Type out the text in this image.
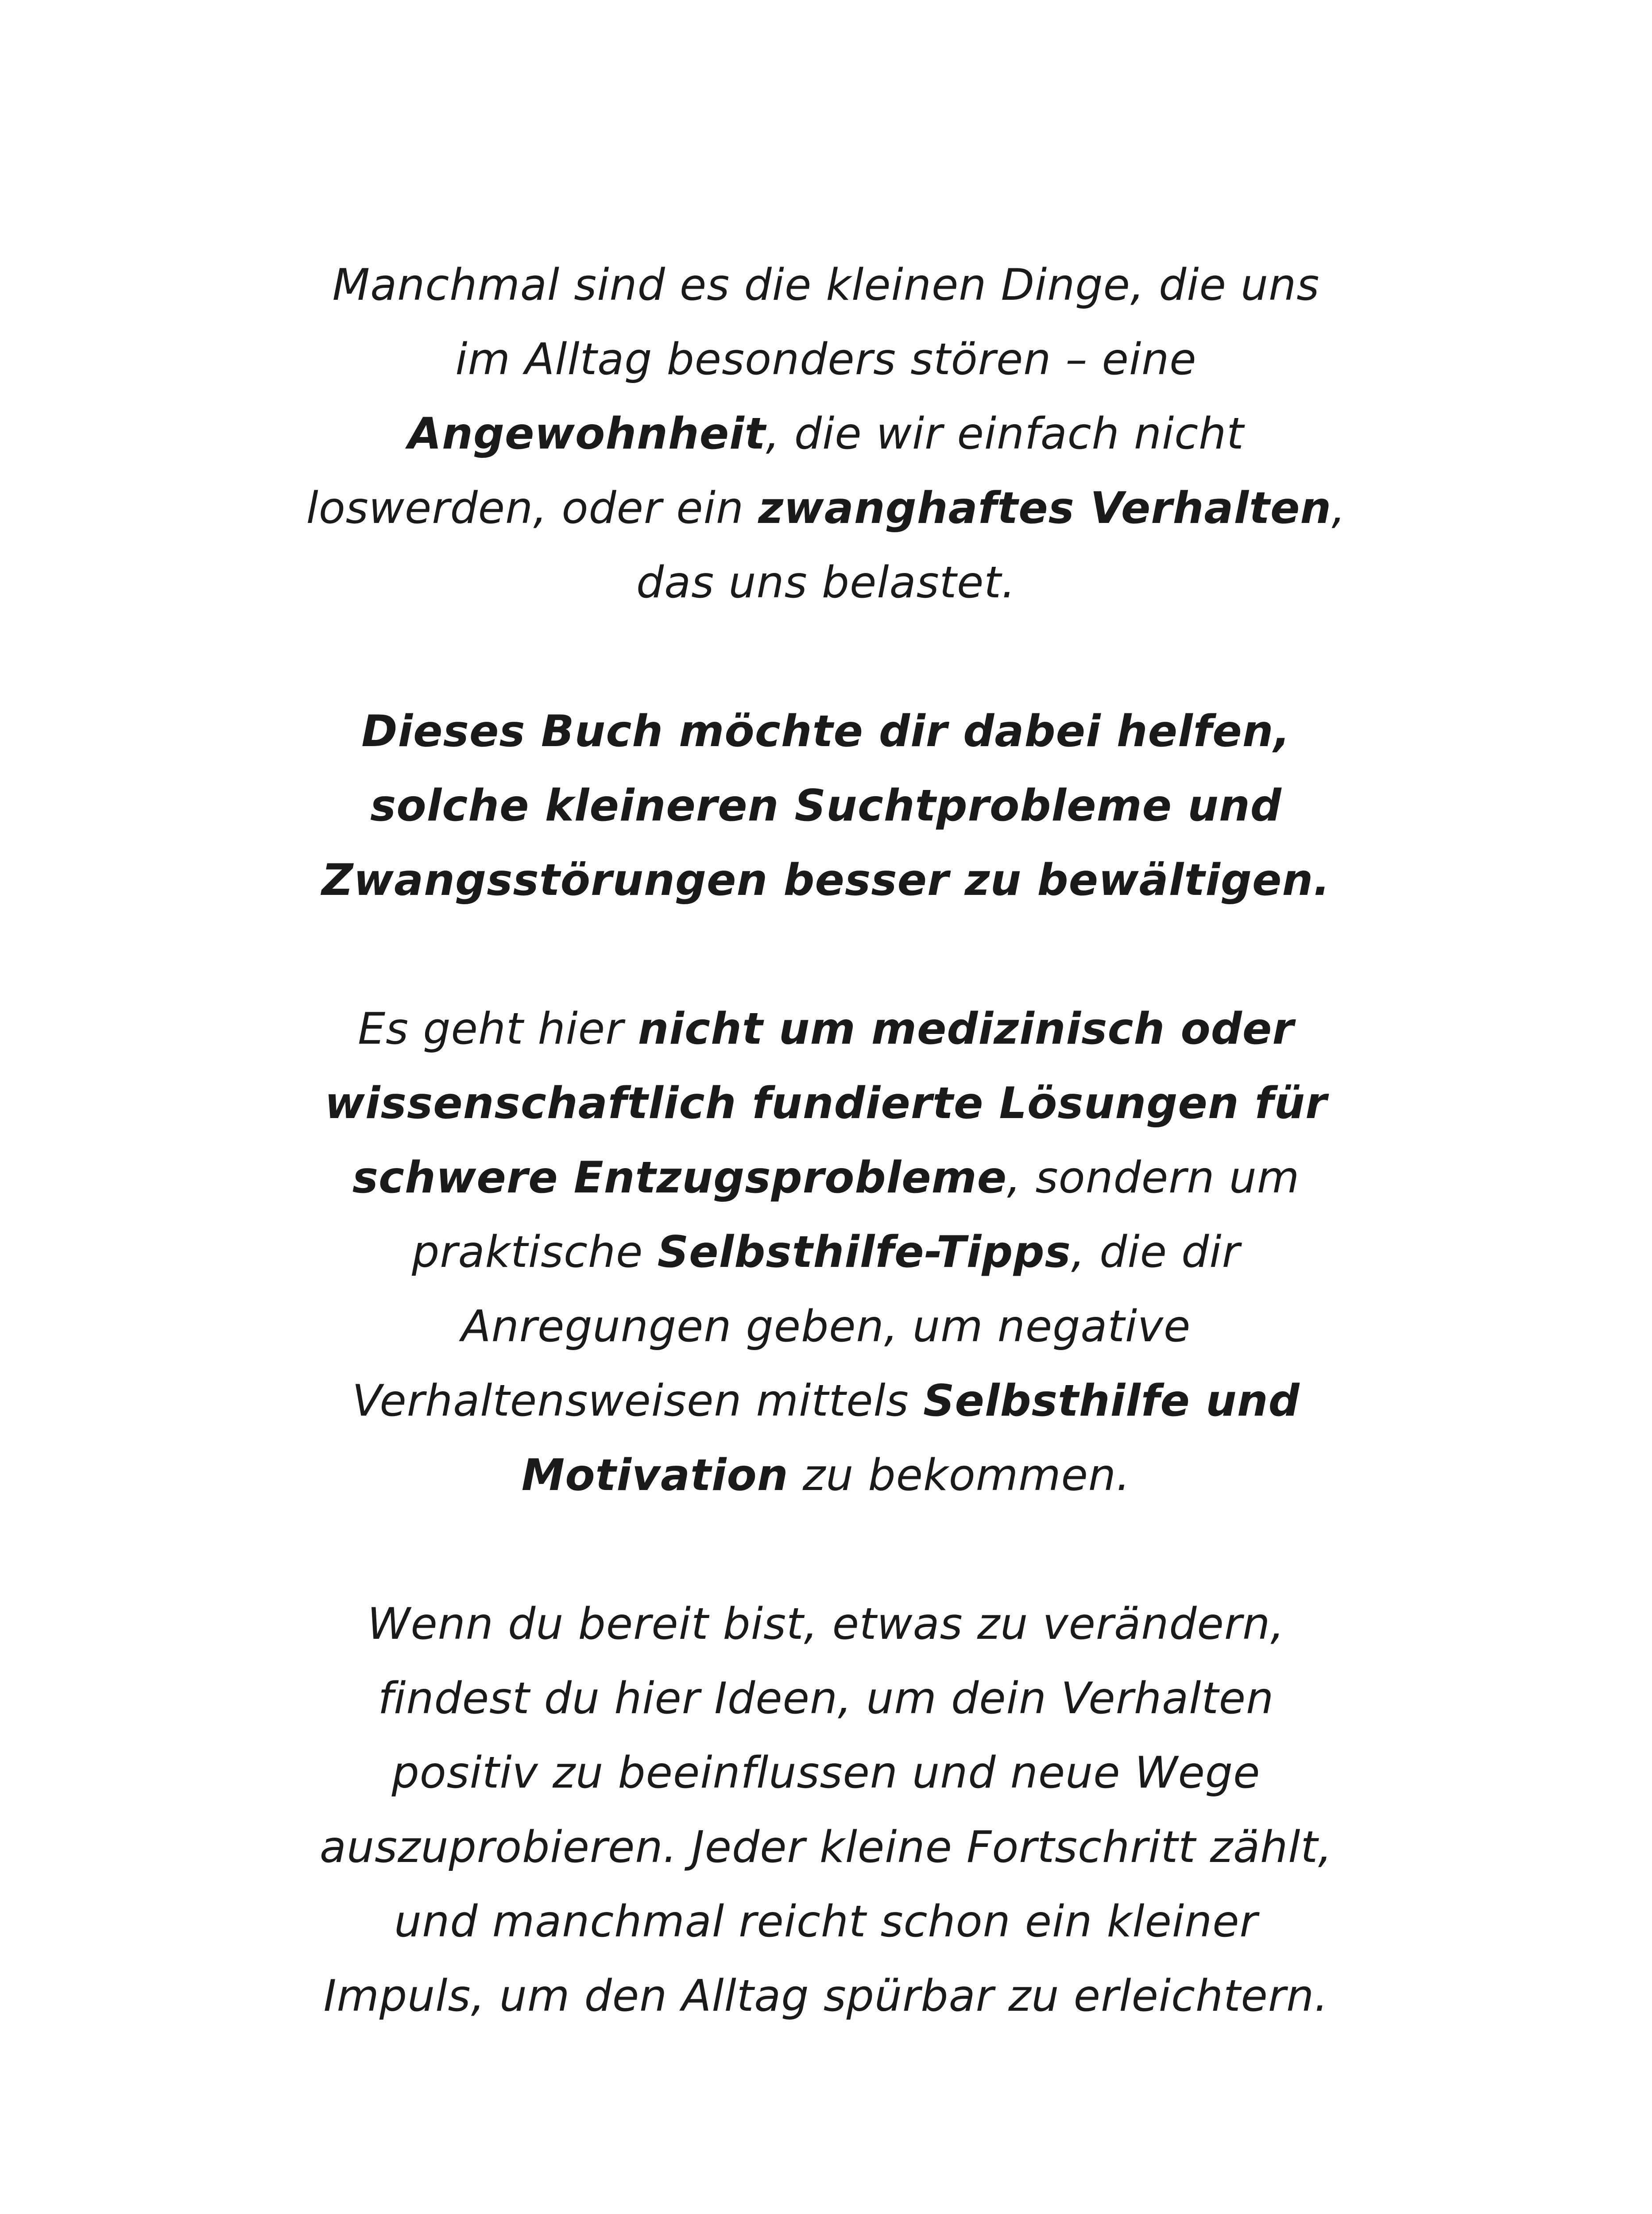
Manchmal sind es die kleinen Dinge, die uns
im Alltag besonders stören – eine
Angewohnheit, die wir einfach nicht
loswerden, oder ein zwanghaftes Verhalten,
das uns belastet.

Dieses Buch möchte dir dabei helfen,
solche kleineren Suchtprobleme und
Zwangsstörungen besser zu bewältigen.

Es geht hier nicht um medizinisch oder
wissenschaftlich fundierte Lösungen für
schwere Entzugsprobleme, sondern um
praktische Selbsthilfe-Tipps, die dir
Anregungen geben, um negative
Verhaltensweisen mittels Selbsthilfe und
Motivation zu bekommen.

Wenn du bereit bist, etwas zu verändern,
findest du hier Ideen, um dein Verhalten
positiv zu beeinflussen und neue Wege
auszuprobieren. Jeder kleine Fortschritt zählt,
und manchmal reicht schon ein kleiner
Impuls, um den Alltag spürbar zu erleichtern.
